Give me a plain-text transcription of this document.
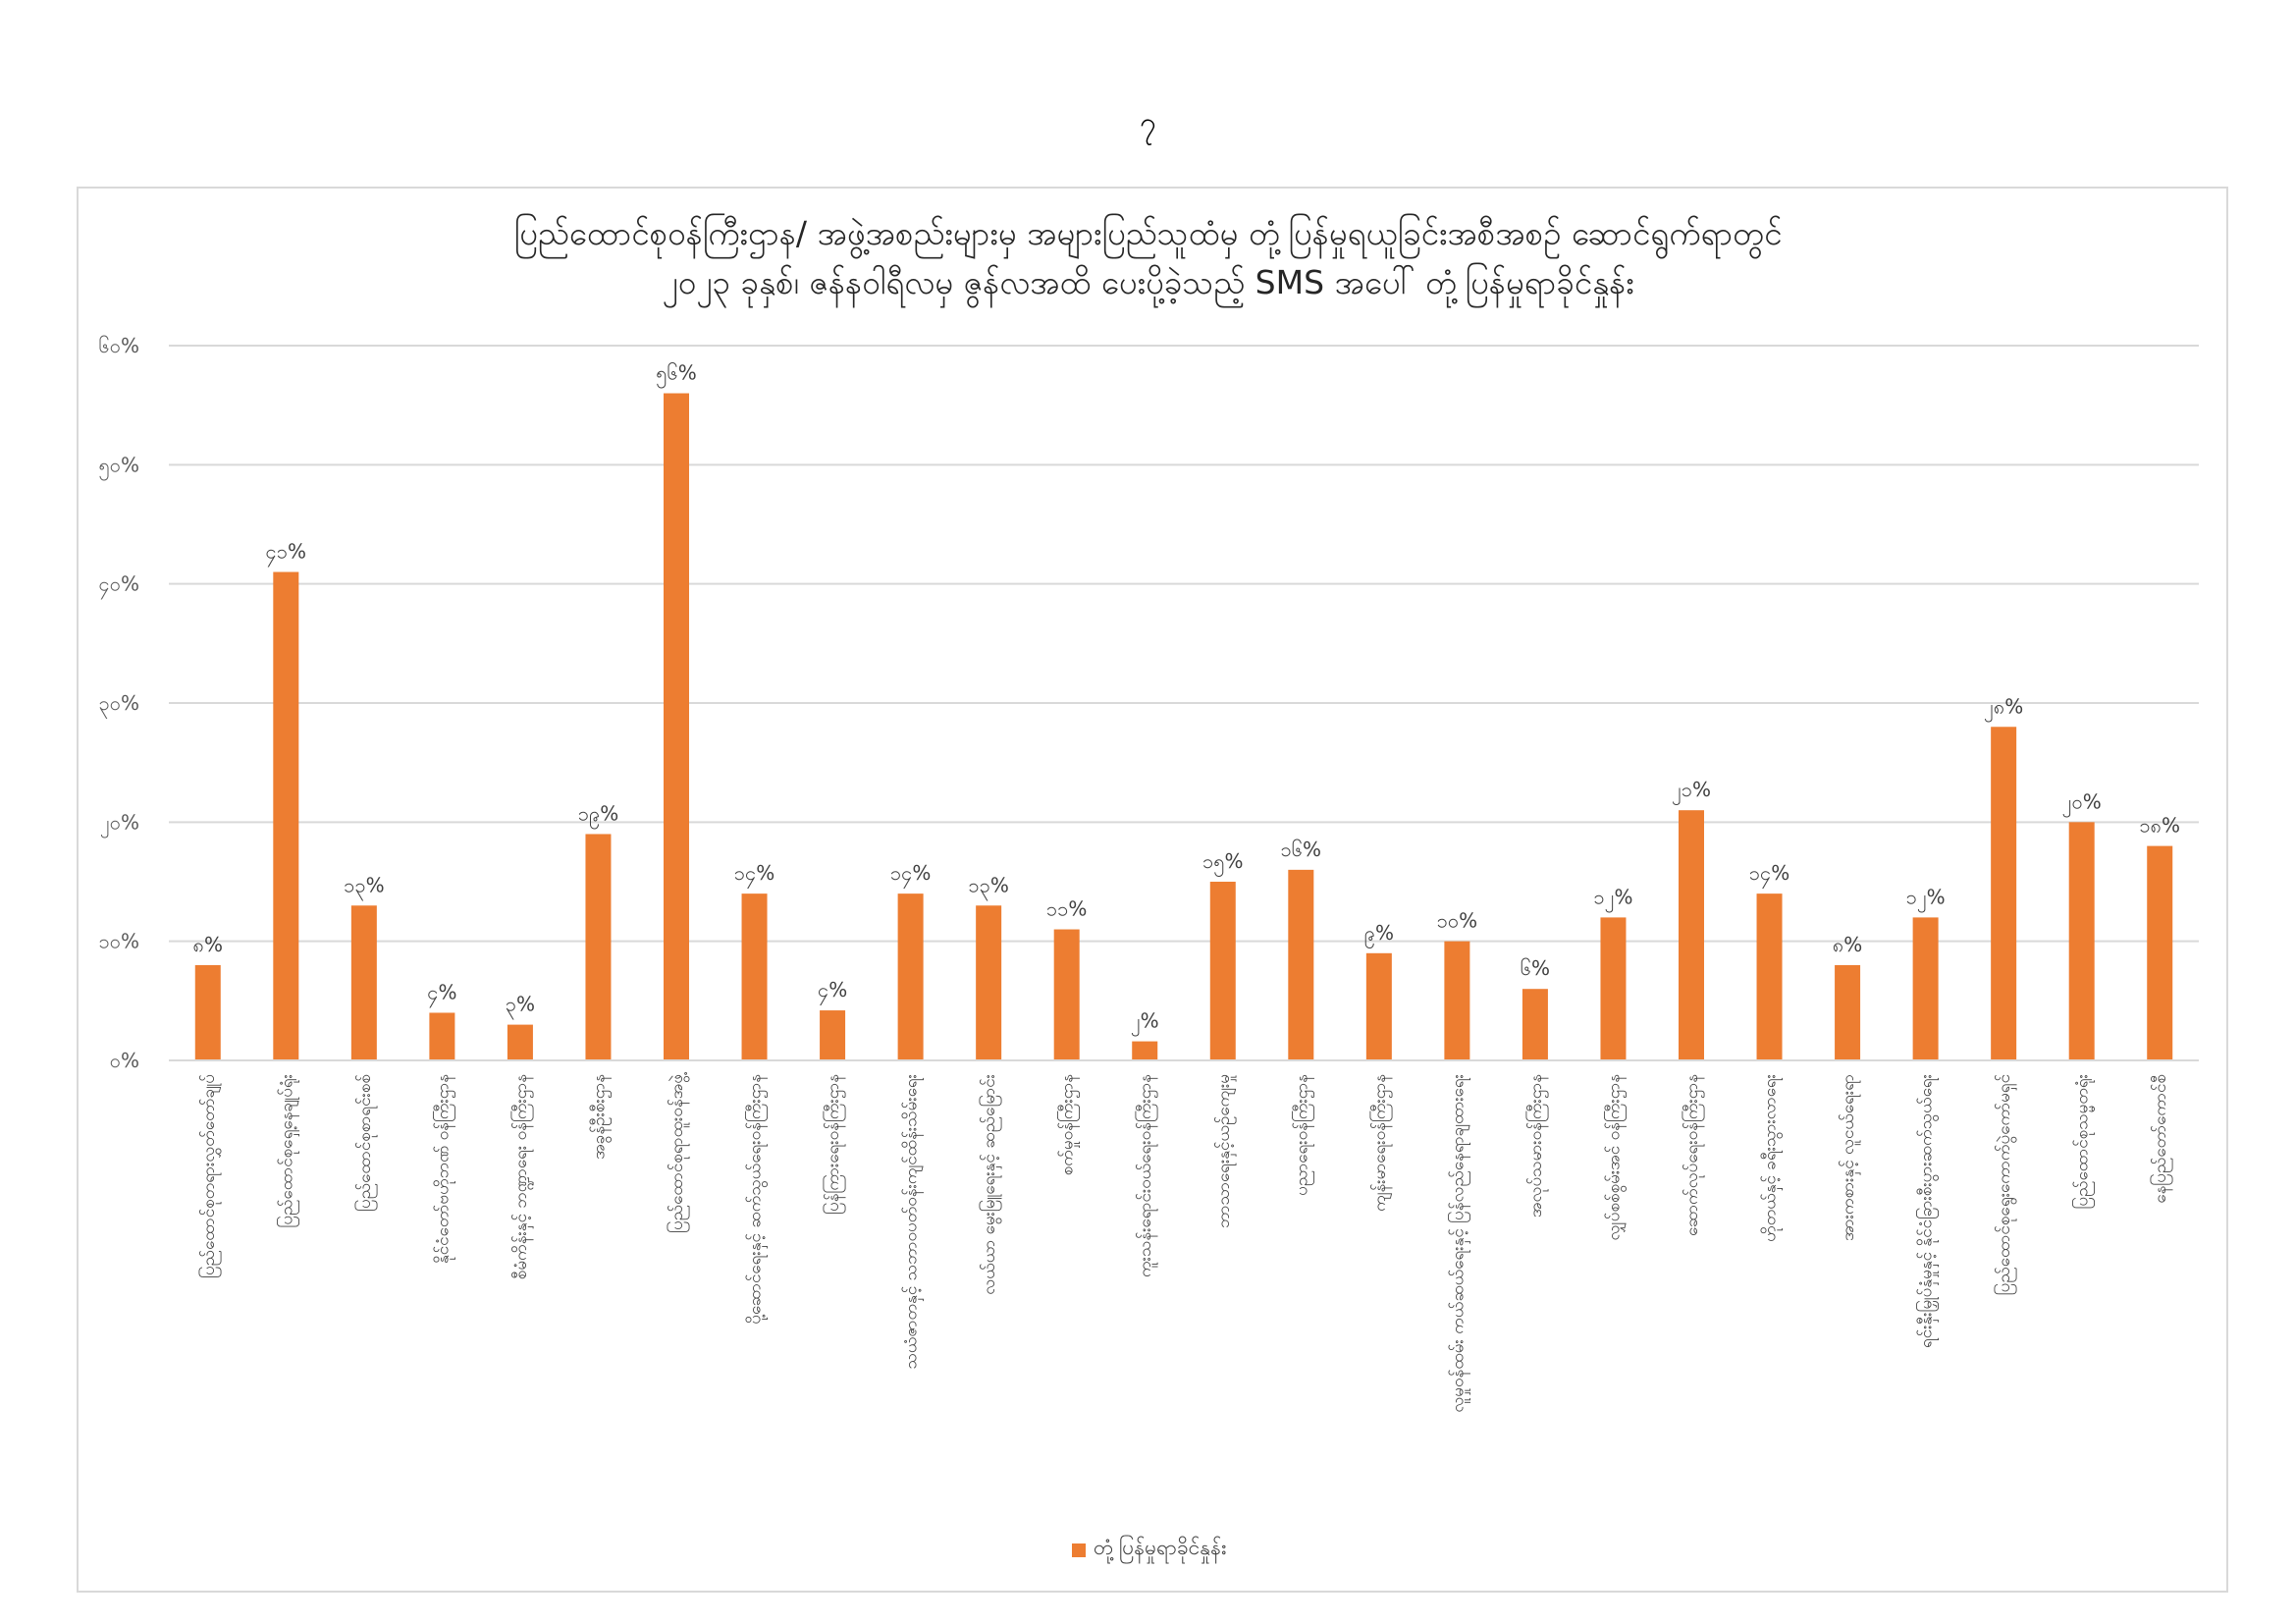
၇
ပြည်ထောင်စုဝန်ကြီးဌာန/ အဖွဲ့အစည်းများမှ အများပြည်သူထံမှ တုံ့ပြန်မှုရယူခြင်းအစီအစဉ် ဆောင်ရွက်ရာတွင်
၂၀၂၃ ခုနှစ်၊ ဇန်နဝါရီလမှ ဇွန်လအထိ ပေးပို့ခဲ့သည့် SMS အပေါ် တုံ့ပြန်မှုရာခိုင်နှုန်း
၀%
၁၀%
၂၀%
၃၀%
၄၀%
၅၀%
၆၀%
၈%
ပြည်ထောင်စုတရားလွှတ်တော်ချုပ်
၄၁%
ပြည်ထောင်စုရှေ့နေချုပ်ရုံး
၁၃%
ပြည်ထောင်စုစာရင်းစစ်
၄%
နိုင်ငံတော်ဗဟိုဘဏ် ဝန်ကြီးဌာန
၃%
စီမံကိန်းနှင့် ဘဏ္ဍာရေး ဝန်ကြီးဌာန
၁၉%
အခွန်ဦးစီးဌာန
၅၆%
ပြည်ထောင်စုရာထူးဝန်အဖွဲ့
၁၄%
ပို့ဆောင်ရေးနှင့် ဆက်သွယ်ရေးဝန်ကြီးဌာန
၄%
ပြန်ကြားရေးဝန်ကြီးဌာန
၁၄%
သယံဇာတနှင့် သဘာဝပတ်ဝန်းကျင်ထိန်းသိမ်းရေး
၁၃%
လယ်ယာ မွေးမြူရေးနှင့် ဆည်မြောင်း
၁၁%
စက်မှုဝန်ကြီးဌာန
၂%
ကူးသန်းရောင်းဝယ်ရေးဝန်ကြီးဌာန
၁၅%
ဘာသာရေးနှင့်ယဉ်ကျေးမှု
၁၆%
ပညာရေးဝန်ကြီးဌာန
၉%
ကျန်းမာရေးဝန်ကြီးဌာန
၁၀%
လူမှုဝန်ထမ်း ကယ်ဆယ်ရေးနှင့် ပြန်လည်နေရာချထားရေး
၆%
အလုပ်သမားဝန်ကြီးဌာန
၁၂%
လျှပ်စစ်စွမ်းအင် ဝန်ကြီးဌာန
၂၁%
ဆောက်လုပ်ရေးဝန်ကြီးဌာန
၁၄%
ဟိုတယ်နှင့် ခရီးသွားလာရေး
၈%
အားကစားနှင့် လူငယ်ရေးရာ
၁၂%
ရင်းနှီးမြှုပ်နှံမှုနှင့် နိုင်ငံခြားစီးပွားဆက်သွယ်ရေး
၂၈%
ပြည်ထောင်စုရွေးကောက်ပွဲကော်မရှင်
၂၀%
ပြည်ထောင်စုသမ္မတရုံး
၁၈%
နေပြည်တော်ကောင်စီ
တုံ့ပြန်မှုရာခိုင်နှုန်း
